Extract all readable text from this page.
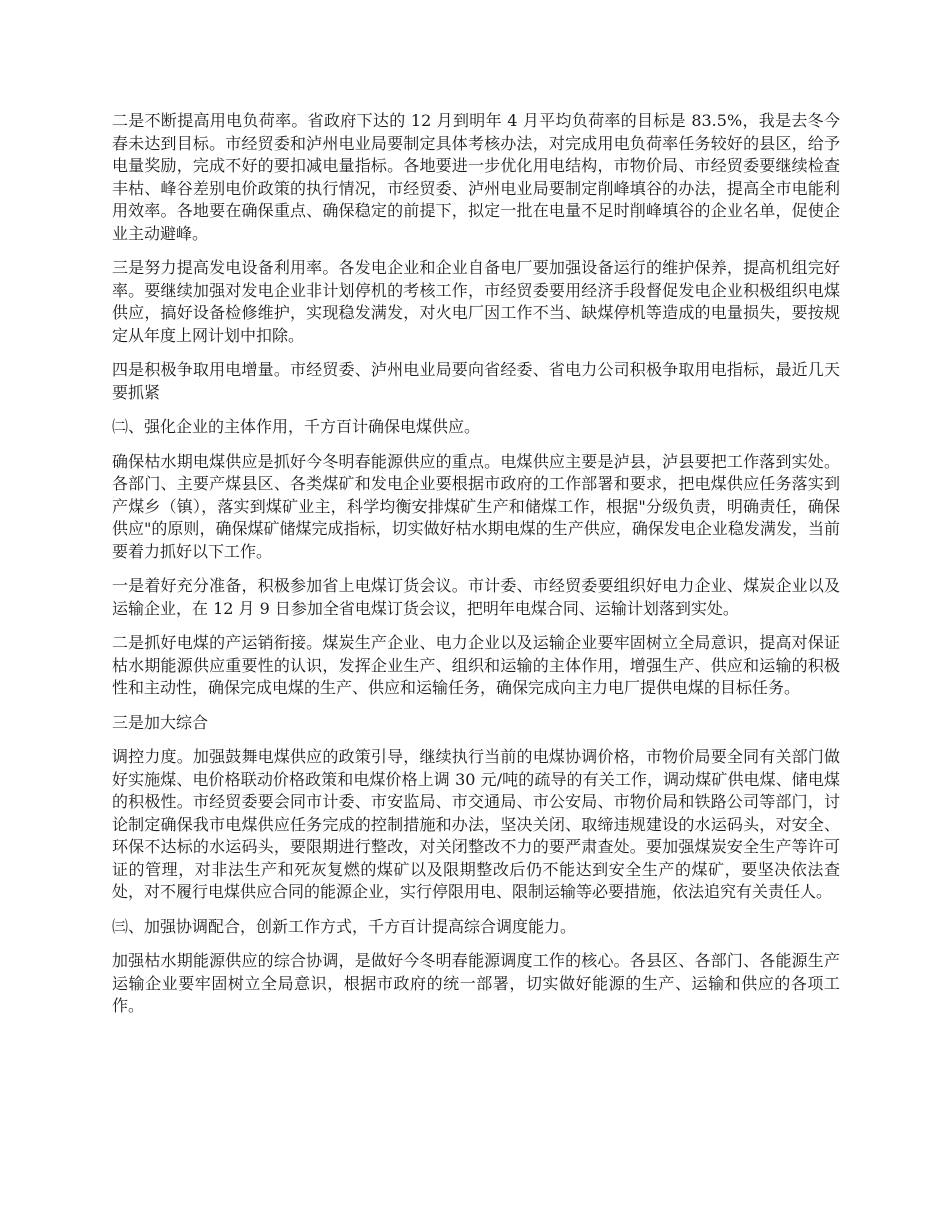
二是不断提高用电负荷率。省政府下达的 12 月到明年 4 月平均负荷率的目标是 83.5%，我是去冬今春未达到目标。市经贸委和泸州电业局要制定具体考核办法，对完成用电负荷率任务较好的县区，给予电量奖励，完成不好的要扣减电量指标。各地要进一步优化用电结构，市物价局、市经贸委要继续检查丰枯、峰谷差别电价政策的执行情况，市经贸委、泸州电业局要制定削峰填谷的办法，提高全市电能利用效率。各地要在确保重点、确保稳定的前提下，拟定一批在电量不足时削峰填谷的企业名单，促使企业主动避峰。

三是努力提高发电设备利用率。各发电企业和企业自备电厂要加强设备运行的维护保养，提高机组完好率。要继续加强对发电企业非计划停机的考核工作，市经贸委要用经济手段督促发电企业积极组织电煤供应，搞好设备检修维护，实现稳发满发，对火电厂因工作不当、缺煤停机等造成的电量损失，要按规定从年度上网计划中扣除。

四是积极争取用电增量。市经贸委、泸州电业局要向省经委、省电力公司积极争取用电指标，最近几天要抓紧

㈡、强化企业的主体作用，千方百计确保电煤供应。

确保枯水期电煤供应是抓好今冬明春能源供应的重点。电煤供应主要是泸县，泸县要把工作落到实处。各部门、主要产煤县区、各类煤矿和发电企业要根据市政府的工作部署和要求，把电煤供应任务落实到产煤乡（镇），落实到煤矿业主，科学均衡安排煤矿生产和储煤工作，根据"分级负责，明确责任，确保供应"的原则，确保煤矿储煤完成指标，切实做好枯水期电煤的生产供应，确保发电企业稳发满发，当前要着力抓好以下工作。

一是着好充分准备，积极参加省上电煤订货会议。市计委、市经贸委要组织好电力企业、煤炭企业以及运输企业，在 12 月 9 日参加全省电煤订货会议，把明年电煤合同、运输计划落到实处。

二是抓好电煤的产运销衔接。煤炭生产企业、电力企业以及运输企业要牢固树立全局意识，提高对保证枯水期能源供应重要性的认识，发挥企业生产、组织和运输的主体作用，增强生产、供应和运输的积极性和主动性，确保完成电煤的生产、供应和运输任务，确保完成向主力电厂提供电煤的目标任务。

三是加大综合

调控力度。加强鼓舞电煤供应的政策引导，继续执行当前的电煤协调价格，市物价局要全同有关部门做好实施煤、电价格联动价格政策和电煤价格上调 30 元/吨的疏导的有关工作，调动煤矿供电煤、储电煤的积极性。市经贸委要会同市计委、市安监局、市交通局、市公安局、市物价局和铁路公司等部门，讨论制定确保我市电煤供应任务完成的控制措施和办法，坚决关闭、取缔违规建设的水运码头，对安全、环保不达标的水运码头，要限期进行整改，对关闭整改不力的要严肃查处。要加强煤炭安全生产等许可证的管理，对非法生产和死灰复燃的煤矿以及限期整改后仍不能达到安全生产的煤矿，要坚决依法查处，对不履行电煤供应合同的能源企业，实行停限用电、限制运输等必要措施，依法追究有关责任人。

㈢、加强协调配合，创新工作方式，千方百计提高综合调度能力。

加强枯水期能源供应的综合协调，是做好今冬明春能源调度工作的核心。各县区、各部门、各能源生产运输企业要牢固树立全局意识，根据市政府的统一部署，切实做好能源的生产、运输和供应的各项工作。
